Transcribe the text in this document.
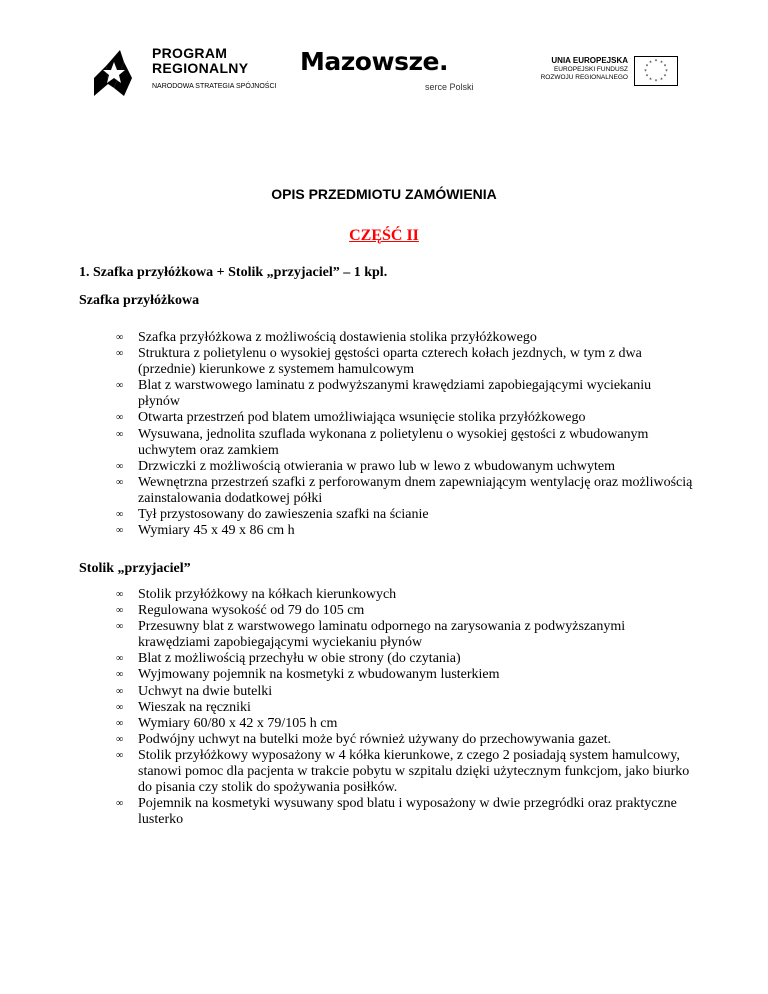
PROGRAM
REGIONALNY
NARODOWA STRATEGIA SPÓJNOŚCI
Mazowsze.
serce Polski
UNIA EUROPEJSKA
EUROPEJSKI FUNDUSZ
ROZWOJU REGIONALNEGO
* *
*
*
*
*
*
*
*
*
*
*
OPIS PRZEDMIOTU ZAMÓWIENIA
CZĘŚĆ II
1. Szafka przyłóżkowa + Stolik „przyjaciel” – 1 kpl.
Szafka przyłóżkowa
∞ Szafka przyłóżkowa z możliwością dostawienia stolika przyłóżkowego
∞ Struktura z polietylenu o wysokiej gęstości oparta czterech kołach jezdnych, w tym z dwa (przednie) kierunkowe z systemem hamulcowym
∞ Blat z warstwowego laminatu z podwyższanymi krawędziami zapobiegającymi wyciekaniu płynów
∞ Otwarta przestrzeń pod blatem umożliwiająca wsunięcie stolika przyłóżkowego
∞ Wysuwana, jednolita szuflada wykonana z polietylenu o wysokiej gęstości z wbudowanym uchwytem oraz zamkiem
∞ Drzwiczki z możliwością otwierania w prawo lub w lewo z wbudowanym uchwytem
∞ Wewnętrzna przestrzeń szafki z perforowanym dnem zapewniającym wentylację oraz możliwością zainstalowania dodatkowej półki
∞ Tył przystosowany do zawieszenia szafki na ścianie
∞ Wymiary 45 x 49 x 86 cm h
Stolik „przyjaciel”
∞ Stolik przyłóżkowy na kółkach kierunkowych
∞ Regulowana wysokość od 79 do 105 cm
∞ Przesuwny blat z warstwowego laminatu odpornego na zarysowania z podwyższanymi krawędziami zapobiegającymi wyciekaniu płynów
∞ Blat z możliwością przechyłu w obie strony (do czytania)
∞ Wyjmowany pojemnik na kosmetyki z wbudowanym lusterkiem
∞ Uchwyt na dwie butelki
∞ Wieszak na ręczniki
∞ Wymiary 60/80 x 42 x 79/105 h cm
∞ Podwójny uchwyt na butelki może być również używany do przechowywania gazet.
∞ Stolik przyłóżkowy wyposażony w 4 kółka kierunkowe, z czego 2 posiadają system hamulcowy, stanowi pomoc dla pacjenta w trakcie pobytu w szpitalu dzięki użytecznym funkcjom, jako biurko do pisania czy stolik do spożywania posiłków.
∞ Pojemnik na kosmetyki wysuwany spod blatu i wyposażony w dwie przegródki oraz praktyczne lusterko
